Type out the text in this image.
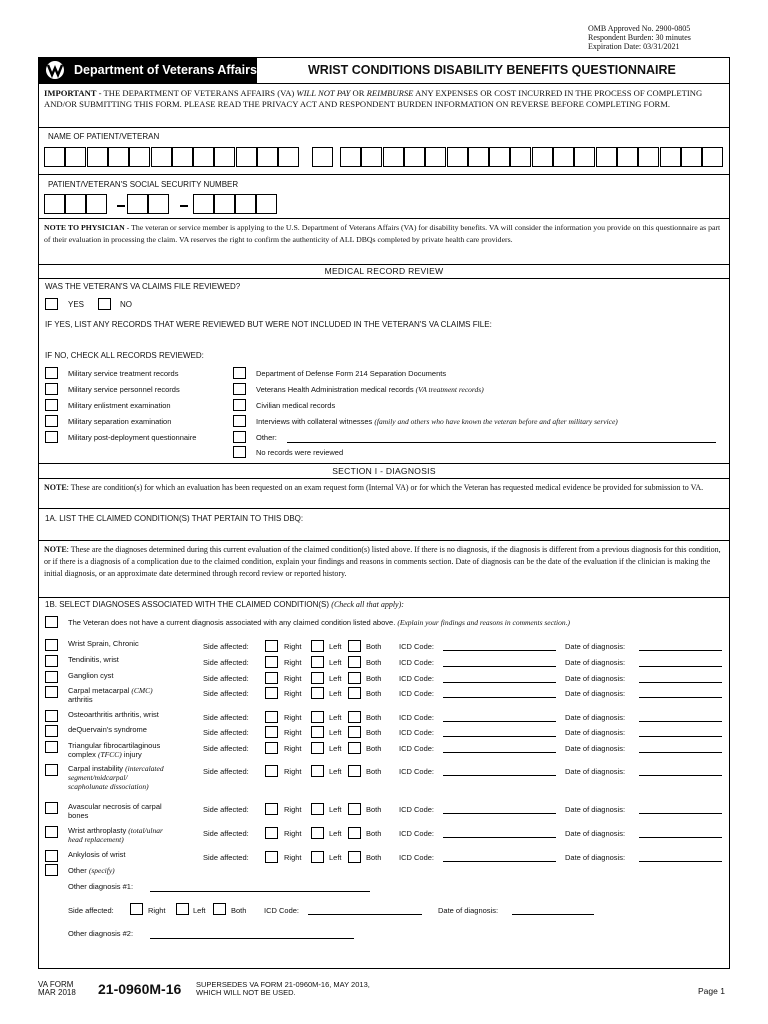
OMB Approved No. 2900-0805
Respondent Burden: 30 minutes
Expiration Date: 03/31/2021
Department of Veterans Affairs	WRIST CONDITIONS DISABILITY BENEFITS QUESTIONNAIRE
IMPORTANT - THE DEPARTMENT OF VETERANS AFFAIRS (VA) WILL NOT PAY OR REIMBURSE ANY EXPENSES OR COST INCURRED IN THE PROCESS OF COMPLETING AND/OR SUBMITTING THIS FORM. PLEASE READ THE PRIVACY ACT AND RESPONDENT BURDEN INFORMATION ON REVERSE BEFORE COMPLETING FORM.
NAME OF PATIENT/VETERAN
PATIENT/VETERAN'S SOCIAL SECURITY NUMBER
NOTE TO PHYSICIAN - The veteran or service member is applying to the U.S. Department of Veterans Affairs (VA) for disability benefits. VA will consider the information you provide on this questionnaire as part of their evaluation in processing the claim. VA reserves the right to confirm the authenticity of ALL DBQs completed by private health care providers.
MEDICAL RECORD REVIEW
WAS THE VETERAN'S VA CLAIMS FILE REVIEWED?
YES	NO
IF YES, LIST ANY RECORDS THAT WERE REVIEWED BUT WERE NOT INCLUDED IN THE VETERAN'S VA CLAIMS FILE:
IF NO, CHECK ALL RECORDS REVIEWED:
Military service treatment records
Military service personnel records
Military enlistment examination
Military separation examination
Military post-deployment questionnaire
Department of Defense Form 214 Separation Documents
Veterans Health Administration medical records (VA treatment records)
Civilian medical records
Interviews with collateral witnesses (family and others who have known the veteran before and after military service)
Other:
No records were reviewed
SECTION I - DIAGNOSIS
NOTE: These are condition(s) for which an evaluation has been requested on an exam request form (Internal VA) or for which the Veteran has requested medical evidence be provided for submission to VA.
1A. LIST THE CLAIMED CONDITION(S) THAT PERTAIN TO THIS DBQ:
NOTE: These are the diagnoses determined during this current evaluation of the claimed condition(s) listed above. If there is no diagnosis, if the diagnosis is different from a previous diagnosis for this condition, or if there is a diagnosis of a complication due to the claimed condition, explain your findings and reasons in comments section. Date of diagnosis can be the date of the evaluation if the clinician is making the initial diagnosis, or an approximate date determined through record review or reported history.
1B. SELECT DIAGNOSES ASSOCIATED WITH THE CLAIMED CONDITION(S) (Check all that apply):
The Veteran does not have a current diagnosis associated with any claimed condition listed above. (Explain your findings and reasons in comments section.)
Wrist Sprain, Chronic	Side affected:	Right	Left	Both ICD Code:	Date of diagnosis:
Tendinitis, wrist	Side affected:	Right	Left	Both ICD Code:	Date of diagnosis:
Ganglion cyst	Side affected:	Right	Left	Both ICD Code:	Date of diagnosis:
Carpal metacarpal (CMC)
arthritis
Side affected:	Right	Left	Both ICD Code:	Date of diagnosis:
Osteoarthritis arthritis, wrist	Side affected:	Right	Left	Both ICD Code:	Date of diagnosis:
deQuervain's syndrome	Side affected:	Right	Left	Both ICD Code:	Date of diagnosis:
Triangular fibrocartilaginous
complex (TFCC) injury
Side affected:	Right	Left	Both ICD Code:	Date of diagnosis:
Carpal instability (intercalated
segment/midcarpal/
scapholunate dissociation)
Side affected:	Right	Left	Both ICD Code:	Date of diagnosis:
Avascular necrosis of carpal
bones
Side affected:	Right	Left	Both ICD Code:	Date of diagnosis:
Wrist arthroplasty (total/ulnar
head replacement)
Side affected:	Right	Left	Both ICD Code:	Date of diagnosis:
Ankylosis of wrist	Side affected:	Right	Left	Both ICD Code:	Date of diagnosis:
Other (specify)
Other diagnosis #1:
Side affected:	Right	Left	Both ICD Code:	Date of diagnosis:
Other diagnosis #2:
VA FORM
MAR 2018 21-0960M-16 SUPERSEDES VA FORM 21-0960M-16, MAY 2013,
WHICH WILL NOT BE USED.	Page 1
